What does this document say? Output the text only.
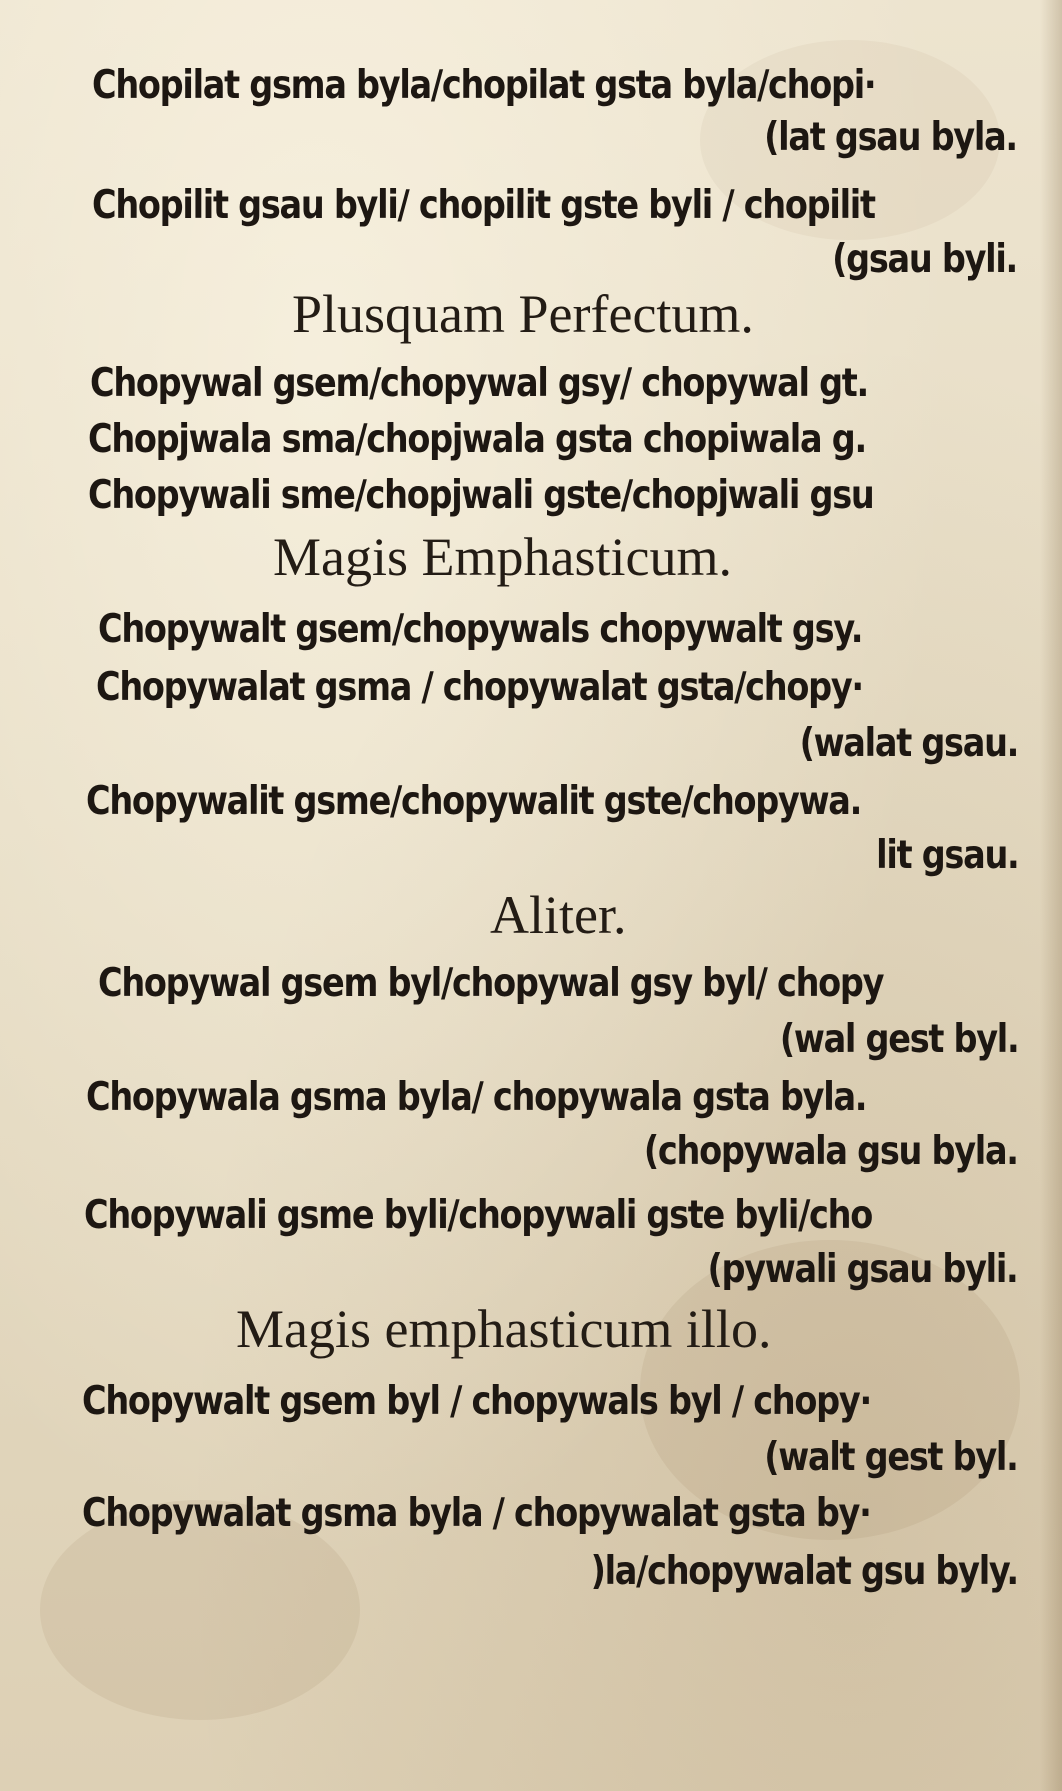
Chopilat gsma byla/chopilat gsta byla/chopi·
(lat gsau byla.
Chopilit gsau byli/ chopilit gste byli / chopilit
(gsau byli.
Plusquam Perfectum.
Chopywal gsem/chopywal gsy/ chopywal gt.
Chopjwala sma/chopjwala gsta chopiwala g.
Chopywali sme/chopjwali gste/chopjwali gsu
Magis Emphasticum.
Chopywalt gsem/chopywals chopywalt gsy.
Chopywalat gsma / chopywalat gsta/chopy·
(walat gsau.
Chopywalit gsme/chopywalit gste/chopywa.
lit gsau.
Aliter.
Chopywal gsem byl/chopywal gsy byl/ chopy
(wal gest byl.
Chopywala gsma byla/ chopywala gsta byla.
(chopywala gsu byla.
Chopywali gsme byli/chopywali gste byli/cho
(pywali gsau byli.
Magis emphasticum illo.
Chopywalt gsem byl / chopywals byl / chopy·
(walt gest byl.
Chopywalat gsma byla / chopywalat gsta by·
)la/chopywalat gsu byly.
